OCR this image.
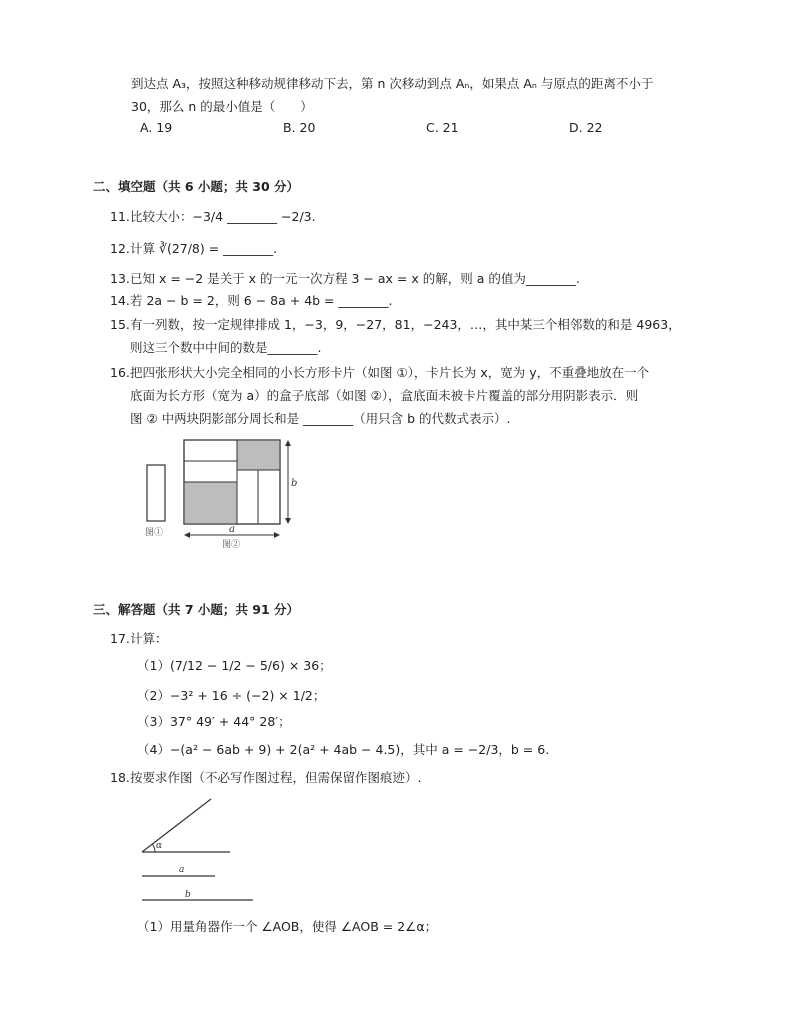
到达点 A₃，按照这种移动规律移动下去，第 n 次移动到点 Aₙ，如果点 Aₙ 与原点的距离不小于
30，那么 n 的最小值是（　　）
A. 19	B. 20	C. 21	D. 22
二、填空题（共 6 小题；共 30 分）
11. 比较大小：−3/4 ________ −2/3.
12. 计算 ∛(27/8) = ________.
13. 已知 x = −2 是关于 x 的一元一次方程 3 − ax = x 的解，则 a 的值为________.
14. 若 2a − b = 2，则 6 − 8a + 4b = ________.
15. 有一列数，按一定规律排成 1，−3，9，−27，81，−243，…，其中某三个相邻数的和是 4963，
则这三个数中中间的数是________.
16. 把四张形状大小完全相同的小长方形卡片（如图 ①），卡片长为 x，宽为 y，不重叠地放在一个
底面为长方形（宽为 a）的盒子底部（如图 ②），盒底面未被卡片覆盖的部分用阴影表示．则
图 ② 中两块阴影部分周长和是 ________（用只含 b 的代数式表示）.
图①
b
a
图②
三、解答题（共 7 小题；共 91 分）
17. 计算：
（1）(7/12 − 1/2 − 5/6) × 36；
（2）−3² + 16 ÷ (−2) × 1/2；
（3）37° 49′ + 44° 28′；
（4）−(a² − 6ab + 9) + 2(a² + 4ab − 4.5)，其中 a = −2/3，b = 6.
18. 按要求作图（不必写作图过程，但需保留作图痕迹）.
α
a
b
（1）用量角器作一个 ∠AOB，使得 ∠AOB = 2∠α；
